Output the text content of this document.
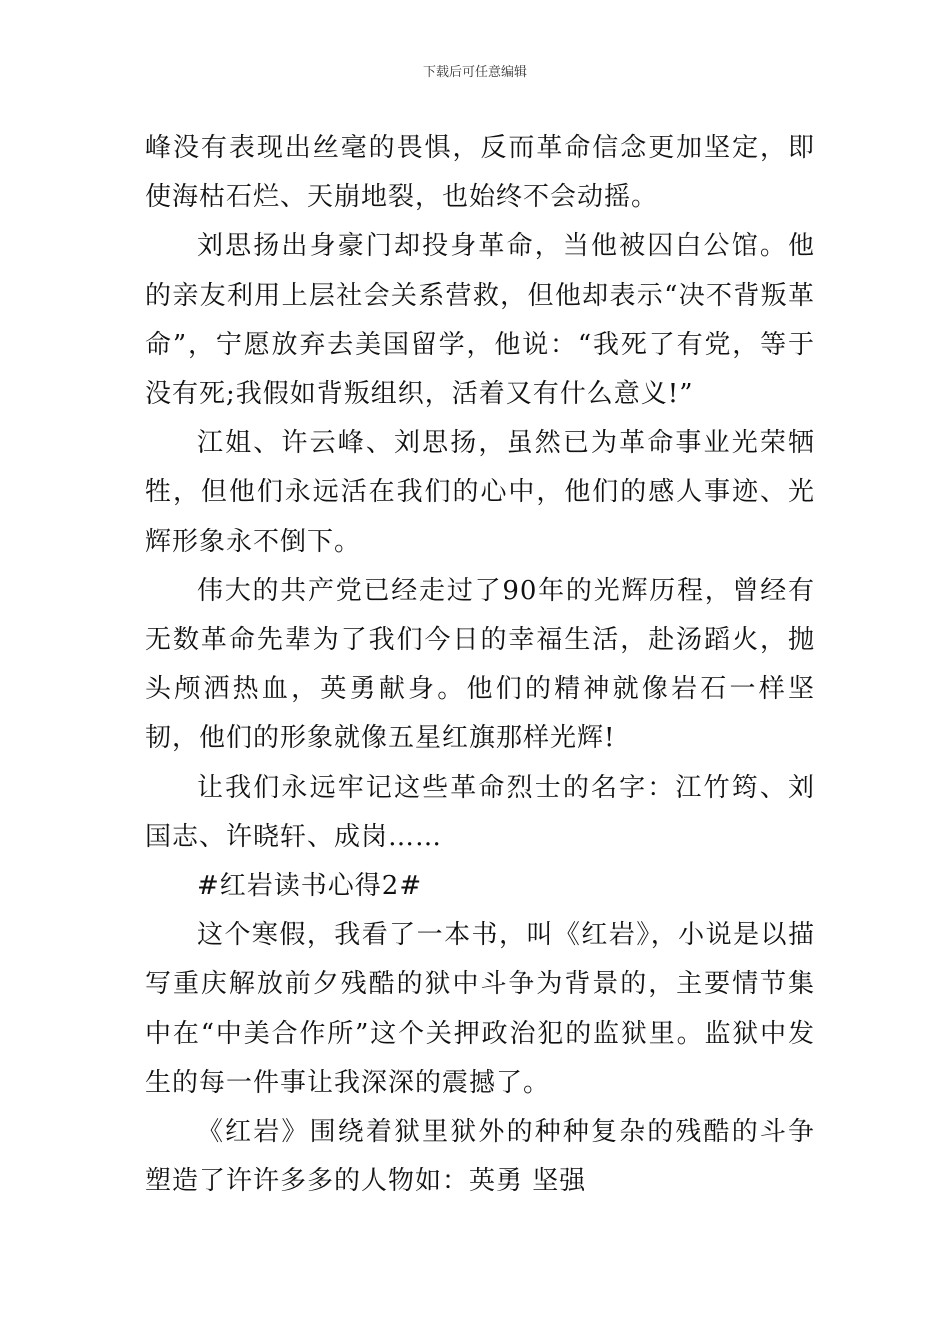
下载后可任意编辑

峰没有表现出丝毫的畏惧，反而革命信念更加坚定，即使海枯石烂、天崩地裂，也始终不会动摇。

刘思扬出身豪门却投身革命，当他被囚白公馆。他的亲友利用上层社会关系营救，但他却表示“决不背叛革命”，宁愿放弃去美国留学，他说：“我死了有党，等于没有死;我假如背叛组织，活着又有什么意义!”

江姐、许云峰、刘思扬，虽然已为革命事业光荣牺牲，但他们永远活在我们的心中，他们的感人事迹、光辉形象永不倒下。

伟大的共产党已经走过了90年的光辉历程，曾经有无数革命先辈为了我们今日的幸福生活，赴汤蹈火，抛头颅洒热血，英勇献身。他们的精神就像岩石一样坚韧，他们的形象就像五星红旗那样光辉!

让我们永远牢记这些革命烈士的名字：江竹筠、刘国志、许晓轩、成岗……

#红岩读书心得2#

这个寒假，我看了一本书，叫《红岩》，小说是以描写重庆解放前夕残酷的狱中斗争为背景的，主要情节集中在“中美合作所”这个关押政治犯的监狱里。监狱中发生的每一件事让我深深的震撼了。

《红岩》围绕着狱里狱外的种种复杂的残酷的斗争塑造了许许多多的人物如：英勇 坚强
